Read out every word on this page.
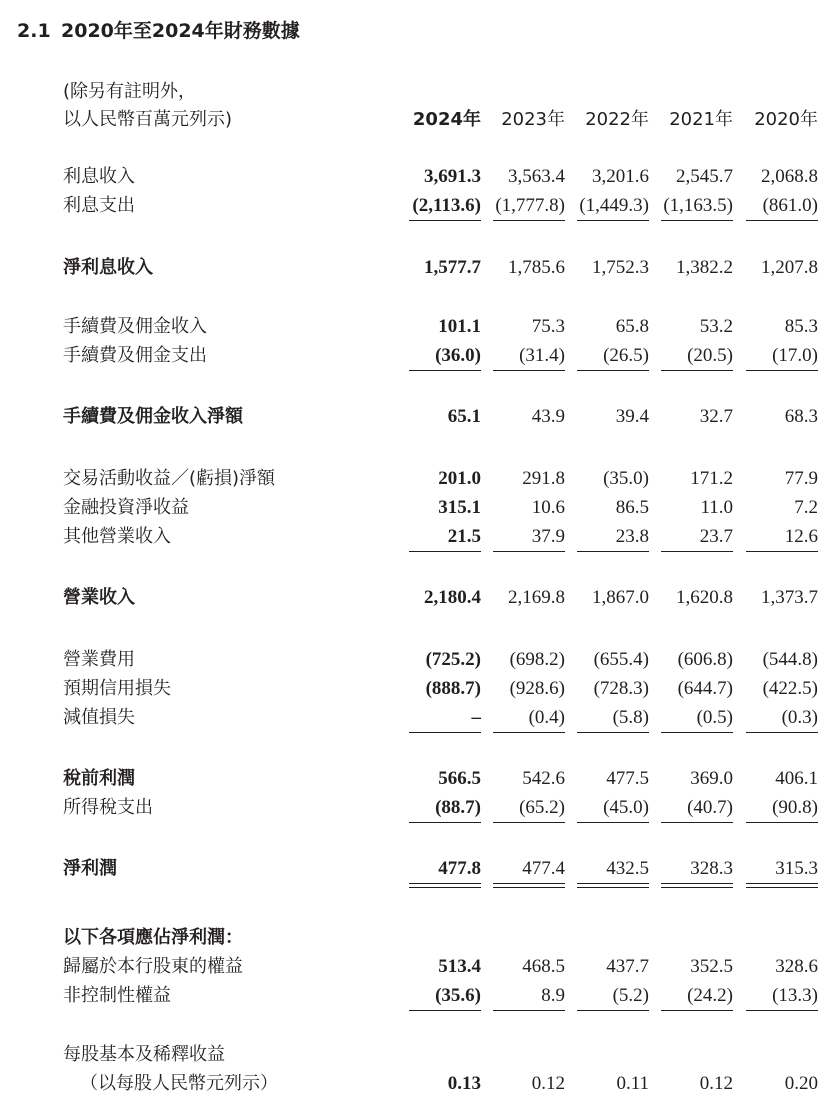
2.1 2020年至2024年財務數據
(除另有註明外，
以人民幣百萬元列示)	2024年	2023年	2022年	2021年	2020年
利息收入	3,691.3	3,563.4	3,201.6	2,545.7	2,068.8
利息支出	(2,113.6) (1,777.8) (1,449.3) (1,163.5)	(861.0)
淨利息收入	1,577.7	1,785.6	1,752.3	1,382.2	1,207.8
手續費及佣金收入	101.1	75.3	65.8	53.2	85.3
手續費及佣金支出	(36.0)	(31.4)	(26.5)	(20.5)	(17.0)
手續費及佣金收入淨額	65.1	43.9	39.4	32.7	68.3
交易活動收益／(虧損)淨額	201.0	291.8	(35.0)	171.2	77.9
金融投資淨收益	315.1	10.6	86.5	11.0	7.2
其他營業收入	21.5	37.9	23.8	23.7	12.6
營業收入	2,180.4	2,169.8	1,867.0	1,620.8	1,373.7
營業費用	(725.2)	(698.2)	(655.4)	(606.8)	(544.8)
預期信用損失	(888.7)	(928.6)	(728.3)	(644.7)	(422.5)
減值損失	–	(0.4)	(5.8)	(0.5)	(0.3)
稅前利潤	566.5	542.6	477.5	369.0	406.1
所得稅支出	(88.7)	(65.2)	(45.0)	(40.7)	(90.8)
淨利潤	477.8	477.4	432.5	328.3	315.3
以下各項應佔淨利潤：
歸屬於本行股東的權益	513.4	468.5	437.7	352.5	328.6
非控制性權益	(35.6)	8.9	(5.2)	(24.2)	(13.3)
每股基本及稀釋收益
（以每股人民幣元列示）	0.13	0.12	0.11	0.12	0.20
